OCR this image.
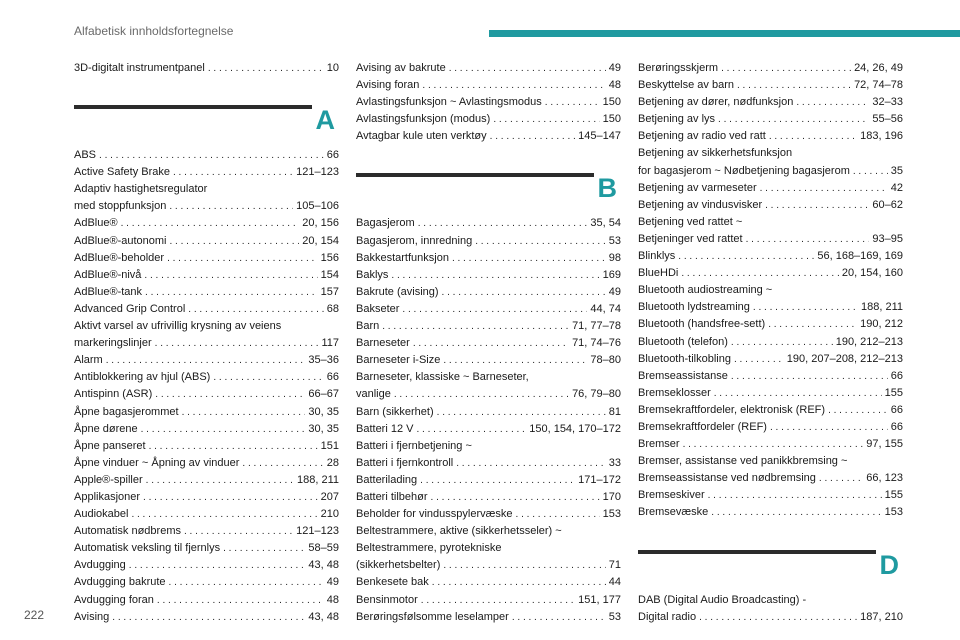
Alfabetisk innholdsfortegnelse
3D-digitalt instrumentpanel . . .	10
A
ABS . . .	66
Active Safety Brake . . .	121–123
Adaptiv hastighetsregulator
med stoppfunksjon . . .	105–106
AdBlue® . . .	20, 156
AdBlue®-autonomi . . .	20, 154
AdBlue®-beholder . . .	156
AdBlue®-nivå . . .	154
AdBlue®-tank . . .	157
Advanced Grip Control . . .	68
Aktivt varsel av ufrivillig krysning av veiens
markeringslinjer . . .	117
Alarm . . .	35–36
Antiblokkering av hjul (ABS) . . .	66
Antispinn (ASR) . . .	66–67
Åpne bagasjerommet . . .	30, 35
Åpne dørene . . .	30, 35
Åpne panseret . . .	151
Åpne vinduer ~ Åpning av vinduer . . .	28
Apple®-spiller . . .	188, 211
Applikasjoner . . .	207
Audiokabel . . .	210
Automatisk nødbrems . . .	121–123
Automatisk veksling til fjernlys . . .	58–59
Avdugging . . .	43, 48
Avdugging bakrute . . .	49
Avdugging foran . . .	48
Avising . . .	43, 48
Avising av bakrute . . .	49
Avising foran . . .	48
Avlastingsfunksjon ~ Avlastingsmodus . . .	150
Avlastingsfunksjon (modus) . . .	150
Avtagbar kule uten verktøy . . .	145–147
B
Bagasjerom . . .	35, 54
Bagasjerom, innredning . . .	53
Bakkestartfunksjon . . .	98
Baklys . . .	169
Bakrute (avising) . . .	49
Bakseter . . .	44, 74
Barn . . .	71, 77–78
Barneseter . . .	71, 74–76
Barneseter i-Size . . .	78–80
Barneseter, klassiske ~ Barneseter,
vanlige . . .	76, 79–80
Barn (sikkerhet) . . .	81
Batteri 12 V . . .	150, 154, 170–172
Batteri i fjernbetjening ~
Batteri i fjernkontroll . . .	33
Batterilading . . .	171–172
Batteri tilbehør . . .	170
Beholder for vindusspylervæske . . .	153
Beltestrammere, aktive (sikkerhetsseler) ~
Beltestrammere, pyrotekniske
(sikkerhetsbelter) . . .	71
Benkesete bak . . .	44
Bensinmotor . . .	151, 177
Berøringsfølsomme leselamper . . .	53
Berøringsskjerm . . .	24, 26, 49
Beskyttelse av barn . . .	72, 74–78
Betjening av dører, nødfunksjon . . .	32–33
Betjening av lys . . .	55–56
Betjening av radio ved ratt . . .	183, 196
Betjening av sikkerhetsfunksjon
for bagasjerom ~ Nødbetjening bagasjerom . . .	35
Betjening av varmeseter . . .	42
Betjening av vindusvisker . . .	60–62
Betjening ved rattet ~
Betjeninger ved rattet . . .	93–95
Blinklys . . .	56, 168–169, 169
BlueHDi . . .	20, 154, 160
Bluetooth audiostreaming ~
Bluetooth lydstreaming . . .	188, 211
Bluetooth (handsfree-sett) . . .	190, 212
Bluetooth (telefon) . . .	190, 212–213
Bluetooth-tilkobling . . .	190, 207–208, 212–213
Bremseassistanse . . .	66
Bremseklosser . . .	155
Bremsekraftfordeler, elektronisk (REF) . . .	66
Bremsekraftfordeler (REF) . . .	66
Bremser . . .	97, 155
Bremser, assistanse ved panikkbremsing ~
Bremseassistanse ved nødbremsing . . .	66, 123
Bremseskiver . . .	155
Bremsevæske . . .	153
D
DAB (Digital Audio Broadcasting) -
Digital radio . . .	187, 210
222
